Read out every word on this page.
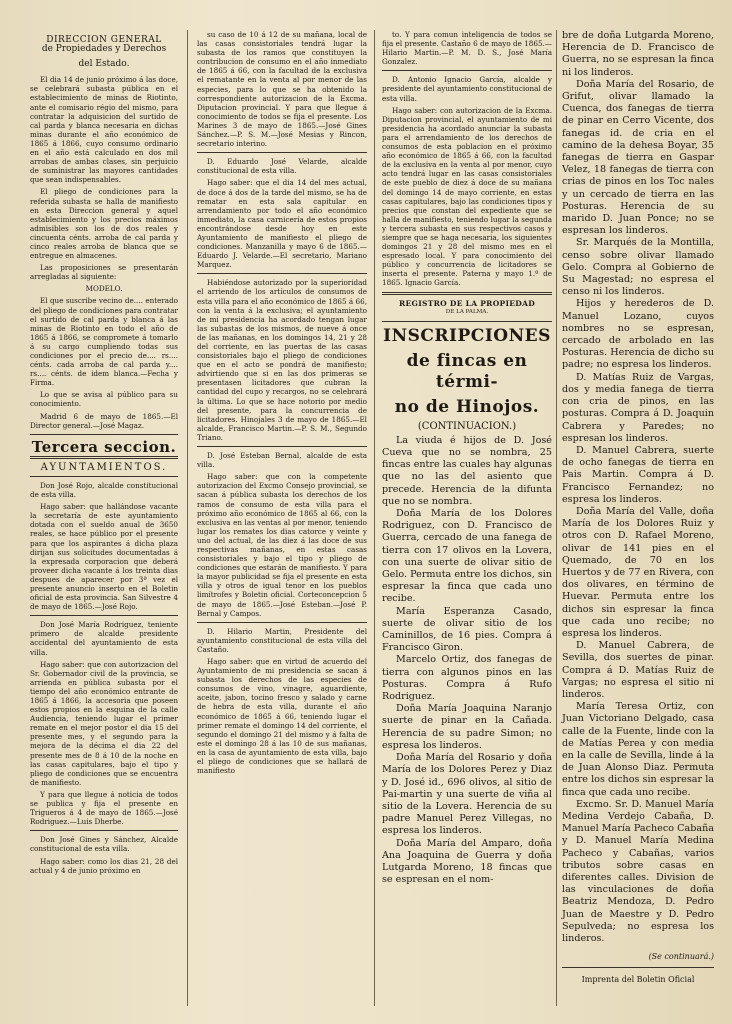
DIRECCION GENERAL
de Propiedades y Derechos
del Estado.

El dia 14 de junio próximo á las doce, se celebrará subasta pública en el establecimiento de minas de Riotinto, ante el comisario régio del mismo, para contratar la adquisicion del surtido de cal parda y blanca necesaria en dichas minas durante el año económico de 1865 á 1866, cuyo consumo ordinario en el año está calculado en dos mil arrobas de ambas clases, sin perjuicio de suministrar las mayores cantidades que sean indispensables.

El pliego de condiciones para la referida subasta se halla de manifiesto en esta Direccion general y aquel establecimiento y los precios máximos admisibles son los de dos reales y cincuenta cénts. arroba de cal parda y cinco reales arroba de blanca que se entregue en almacenes.

Las proposiciones se presentarán arregladas al siguiente:

MODELO.

El que suscribe vecino de.... enterado del pliego de condiciones para contratar el surtido de cal parda y blanca á las minas de Riotinto en todo el año de 1865 á 1866, se compromete á tomarlo á su cargo cumpliendo todas sus condiciones por el precio de.... rs.... cénts. cada arroba de cal parda y.... rs.... cénts. de idem blanca.—Fecha y Firma.

Lo que se avisa al público para su conocimiento.

Madrid 6 de mayo de 1865.—El Director general.—José Magaz.

Tercera seccion.
AYUNTAMIENTOS.

Don José Rojo, alcalde constitucional de esta villa.

Hago saber: que hallándose vacante la secretaría de este ayuntamiento dotada con el sueldo anual de 3650 reales, se hace público por el presente para que los aspirantes á dicha plaza dirijan sus solicitudes documentadas á la expresada corporacion que deberá proveer dicha vacante á los treinta dias despues de aparecer por 3ª vez el presente anuncio inserto en el Boletin oficial de esta provincia. San Silvestre 4 de mayo de 1865.—José Rojo.

Don José María Rodriguez, teniente primero de alcalde presidente accidental del ayuntamiento de esta villa.

Hago saber: que con autorizacion del Sr. Gobernador civil de la provincia, se arrienda en pública subasta por el tiempo del año económico entrante de 1865 á 1866, la accesoria que poseen estos propios en la esquina de la calle Audiencia, teniendo lugar el primer remate en el mejor postor el dia 15 del presente mes, y el segundo para la mejora de la décima el dia 22 del presente mes de 8 á 10 de la noche en las casas capitulares, bajo el tipo y pliego de condiciones que se encuentra de manifiesto.

Y para que llegue á noticia de todos se publica y fija el presente en Trigueros á 4 de mayo de 1865.—José Rodriguez.—Luis Dherbe.

Don José Gines y Sánchez, Alcalde constitucional de esta villa.

Hago saber: como los dias 21, 28 del actual y 4 de junio próximo en

su caso de 10 á 12 de su mañana, local de las casas consistoriales tendrá lugar la subasta de los ramos que constituyen la contribucion de consumo en el año inmediato de 1865 á 66, con la facultad de la exclusiva el rematante en la venta al por menor de las especies, para lo que se ha obtenido la correspondiente autorizacion de la Excma. Diputacion provincial. Y para que llegue á conocimiento de todos se fija el presente. Los Marines 3 de mayo de 1865.—José Gines Sánchez.—P. S. M.—José Mesias y Rincon, secretario interino.

D. Eduardo José Velarde, alcalde constitucional de esta villa.

Hago saber: que el dia 14 del mes actual, de doce á dos de la tarde del mismo, se ha de rematar en esta sala capitular en arrendamiento por todo el año económico inmediato, la casa carnicería de estos propios encontrándose desde hoy en este Ayuntamiento de manifiesto el pliego de condiciones. Manzanilla y mayo 6 de 1865.—Eduardo J. Velarde.—El secretario, Mariano Marquez.

Habiéndose autorizado por la superioridad el arriendo de los artículos de consumos de esta villa para el año económico de 1865 á 66, con la venta á la exclusiva; el ayuntamiento de mi presidencia ha acordado tengan lugar las subastas de los mismos, de nueve á once de las mañanas, en los domingos 14, 21 y 28 del corriente, en las puertas de las casas consistoriales bajo el pliego de condiciones que en el acto se pondrá de manifiesto; advirtiendo que si en las dos primeras se presentasen licitadores que cubran la cantidad del cupo y recargos, no se celebrará la última. Lo que se hace notorio por medio del presente, para la concurrencia de licitadores. Hinojales 3 de mayo de 1865.—El alcalde, Francisco Martin.—P. S. M., Segundo Triano.

D. José Esteban Bernal, alcalde de esta villa.

Hago saber: que con la competente autorizacion del Excmo Consejo provincial, se sacan á pública subasta los derechos de los ramos de consumo de esta villa para el próximo año económico de 1865 al 66, con la exclusiva en las ventas al por menor, teniendo lugar los remates los dias catorce y veinte y uno del actual, de las diez á las doce de sus respectivas mañanas, en estas casas consistoriales y bajo el tipo y pliego de condiciones que estarán de manifiesto. Y para la mayor publicidad se fija el presente en esta villa y otros de igual tenor en los pueblos limítrofes y Boletin oficial. Corteconcepcion 5 de mayo de 1865.—José Esteban.—José P. Bernal y Campos.

D. Hilario Martin, Presidente del ayuntamiento constitucional de esta villa del Castaño.

Hago saber: que en virtud de acuerdo del Ayuntamiento de mi presidencia se sacan á subasta los derechos de las especies de consumos de vino, vinagre, aguardiente, aceite, jabon, tocino fresco y salado y carne de hebra de esta villa, durante el año económico de 1865 á 66, teniendo lugar el primer remate el domingo 14 del corriente, el segundo el domingo 21 del mismo y á falta de este el domingo 28 á las 10 de sus mañanas, en la casa de ayuntamiento de esta villa, bajo el pliego de condiciones que se hallará de manifiesto

to. Y para comun inteligencia de todos se fija el presente. Castaño 6 de mayo de 1865.—Hilario Martin.—P. M. D. S., José María Gonzalez.

D. Antonio Ignacio García, alcalde y presidente del ayuntamiento constitucional de esta villa.

Hago saber: con autorizacion de la Excma. Diputacion provincial, el ayuntamiento de mi presidencia ha acordado anunciar la subasta para el arrendamiento de los derechos de consumos de esta poblacion en el próximo año económico de 1865 á 66, con la facultad de la exclusiva en la venta al por menor, cuyo acto tendrá lugar en las casas consistoriales de este pueblo de diez á doce de su mañana del domingo 14 de mayo corriente, en estas casas capitulares, bajo las condiciones tipos y precios que constan del expediente que se halla de manifiesto, teniendo lugar la segunda y tercera subasta en sus respectivos casos y siempre que se haga necesaria, los siguientes domingos 21 y 28 del mismo mes en el espresado local. Y para conocimiento del público y concurrencia de licitadores se inserta el presente. Paterna y mayo 1.º de 1865. Ignacio García.

REGISTRO DE LA PROPIEDAD
DE LA PALMA.
INSCRIPCIONES
de fincas en térmi-
no de Hinojos.
(CONTINUACION.)

La viuda é hijos de D. José Cueva que no se nombra, 25 fincas entre las cuales hay algunas que no las del asiento que precede. Herencia de la difunta que no se nombra.

Doña María de los Dolores Rodriguez, con D. Francisco de Guerra, cercado de una fanega de tierra con 17 olivos en la Lovera, con una suerte de olivar sitio de Gelo. Permuta entre los dichos, sin espresar la finca que cada uno recibe.

María Esperanza Casado, suerte de olivar sitio de los Caminillos, de 16 pies. Compra á Francisco Giron.

Marcelo Ortiz, dos fanegas de tierra con algunos pinos en las Posturas. Compra á Rufo Rodriguez.

Doña María Joaquina Naranjo suerte de pinar en la Cañada. Herencia de su padre Simon; no espresa los linderos.

Doña María del Rosario y doña María de los Dolores Perez y Diaz y D. José id., 696 olivos, al sitio de Pai-martin y una suerte de viña al sitio de la Lovera. Herencia de su padre Manuel Perez Villegas, no espresa los linderos.

Doña María del Amparo, doña Ana Joaquina de Guerra y doña Lutgarda Moreno, 18 fincas que se espresan en el nom-

bre de doña Lutgarda Moreno, Herencia de D. Francisco de Guerra, no se espresan la finca ni los linderos.

Doña María del Rosario, de Grifut, olivar llamado la Cuenca, dos fanegas de tierra de pinar en Cerro Vicente, dos fanegas id. de cria en el camino de la dehesa Boyar, 35 fanegas de tierra en Gaspar Velez, 18 fanegas de tierra con crias de pinos en los Toc nales y un cercado de tierra en las Posturas. Herencia de su marido D. Juan Ponce; no se espresan los linderos.

Sr. Marqués de la Montilla, censo sobre olivar llamado Gelo. Compra al Gobierno de Su Magestad; no espresa el censo ni los linderos.

Hijos y herederos de D. Manuel Lozano, cuyos nombres no se espresan, cercado de arbolado en las Posturas. Herencia de dicho su padre; no espresa los linderos.

D. Matías Ruiz de Vargas, dos y media fanega de tierra con cria de pinos, en las posturas. Compra á D. Joaquin Cabrera y Paredes; no espresan los linderos.

D. Manuel Cabrera, suerte de ocho fanegas de tierra en Pais Martin. Compra á D. Francisco Fernandez; no espresa los linderos.

Doña María del Valle, doña María de los Dolores Ruiz y otros con D. Rafael Moreno, olivar de 141 pies en el Quemado, de 70 en los Huertos y de 77 en Rivera, con dos olivares, en término de Huevar. Permuta entre los dichos sin espresar la finca que cada uno recibe; no espresa los linderos.

D. Manuel Cabrera, de Sevilla, dos suertes de pinar. Compra á D. Matías Ruiz de Vargas; no espresa el sitio ni linderos.

María Teresa Ortiz, con Juan Victoriano Delgado, casa calle de la Fuente, linde con la de Matías Perea y con media en la calle de Sevilla, linde á la de Juan Alonso Diaz. Permuta entre los dichos sin espresar la finca que cada uno recibe.

Excmo. Sr. D. Manuel María Medina Verdejo Cabaña, D. Manuel María Pacheco Cabaña y D. Manuel María Medina Pacheco y Cabañas, varios tributos sobre casas en diferentes calles. Division de las vinculaciones de doña Beatriz Mendoza, D. Pedro Juan de Maestre y D. Pedro Sepulveda; no espresa los linderos.

(Se continuará.)
Imprenta del Boletin Oficial
